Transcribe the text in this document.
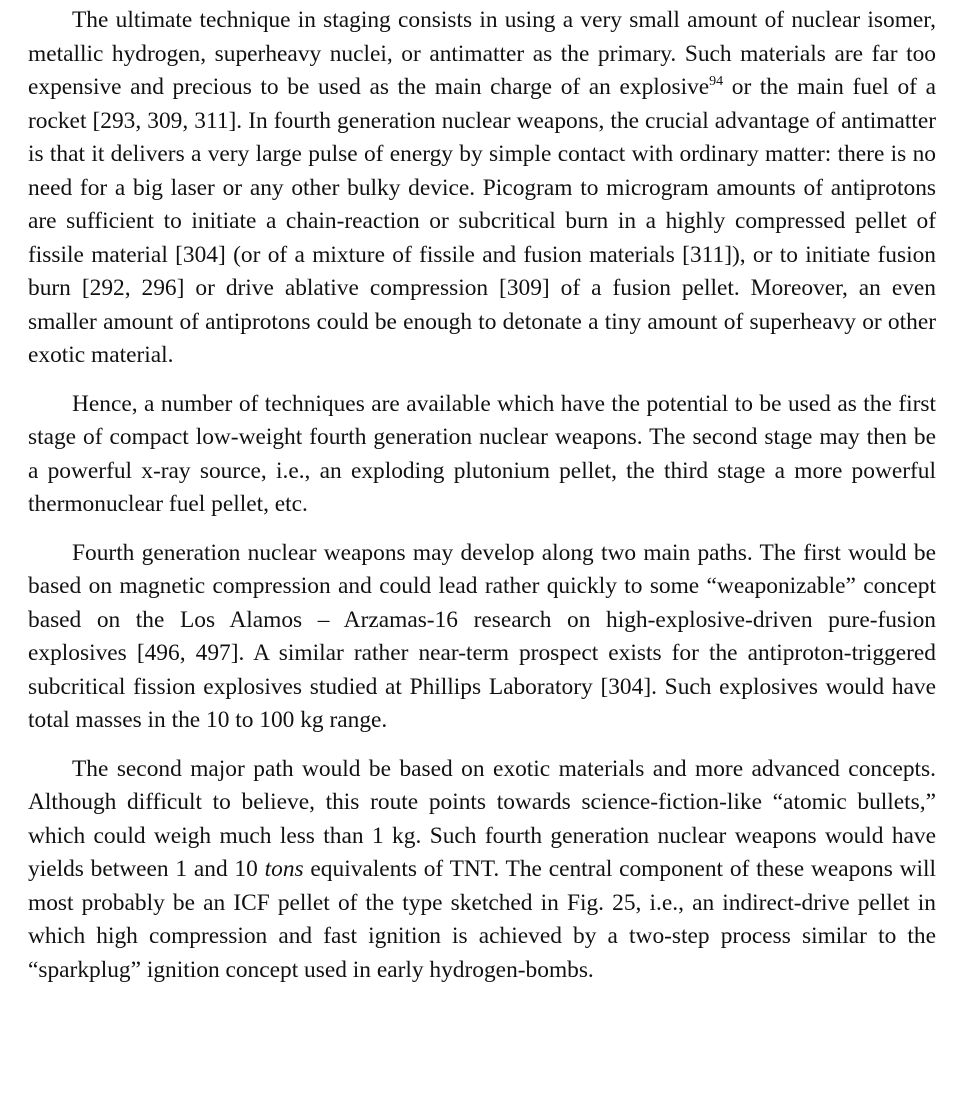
The ultimate technique in staging consists in using a very small amount of nuclear isomer, metallic hydrogen, superheavy nuclei, or antimatter as the primary. Such materials are far too expensive and precious to be used as the main charge of an explosive$^{94}$ or the main fuel of a rocket [293, 309, 311]. In fourth generation nuclear weapons, the crucial advantage of antimatter is that it delivers a very large pulse of energy by simple contact with ordinary matter: there is no need for a big laser or any other bulky device. Picogram to microgram amounts of antiprotons are sufficient to initiate a chain-reaction or subcritical burn in a highly compressed pellet of fissile material [304] (or of a mixture of fissile and fusion materials [311]), or to initiate fusion burn [292, 296] or drive ablative compression [309] of a fusion pellet. Moreover, an even smaller amount of antiprotons could be enough to detonate a tiny amount of superheavy or other exotic material.

Hence, a number of techniques are available which have the potential to be used as the first stage of compact low-weight fourth generation nuclear weapons. The second stage may then be a powerful x-ray source, i.e., an exploding plutonium pellet, the third stage a more powerful thermonuclear fuel pellet, etc.

Fourth generation nuclear weapons may develop along two main paths. The first would be based on magnetic compression and could lead rather quickly to some “weaponizable” concept based on the Los Alamos – Arzamas-16 research on high-explosive-driven pure-fusion explosives [496, 497]. A similar rather near-term prospect exists for the antiproton-triggered subcritical fission explosives studied at Phillips Laboratory [304]. Such explosives would have total masses in the 10 to 100 kg range.

The second major path would be based on exotic materials and more advanced concepts. Although difficult to believe, this route points towards science-fiction-like “atomic bullets,” which could weigh much less than 1 kg. Such fourth generation nuclear weapons would have yields between 1 and 10 tons equivalents of TNT. The central component of these weapons will most probably be an ICF pellet of the type sketched in Fig. 25, i.e., an indirect-drive pellet in which high compression and fast ignition is achieved by a two-step process similar to the “sparkplug” ignition concept used in early hydrogen-bombs.
